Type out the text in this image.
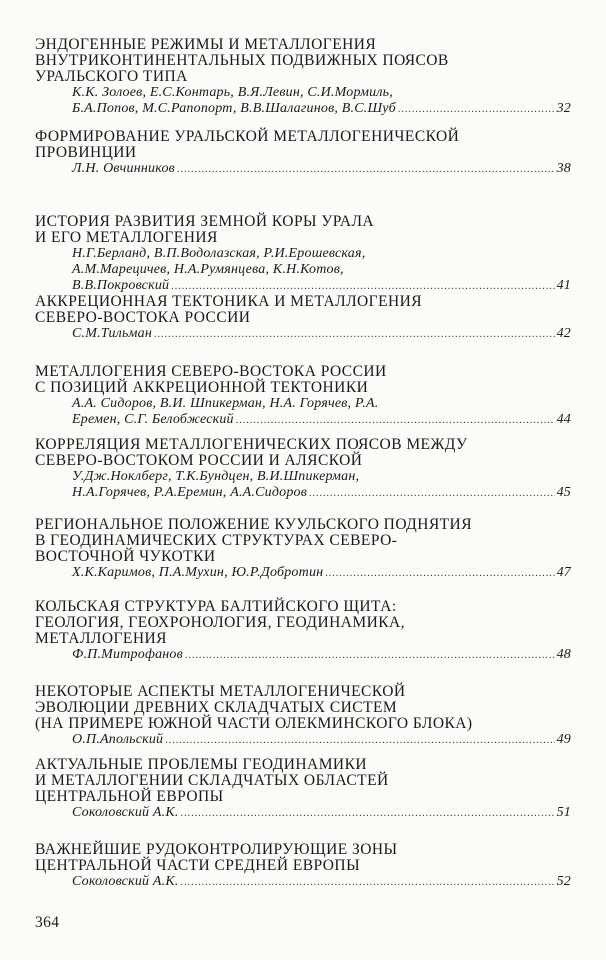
ЭНДОГЕННЫЕ РЕЖИМЫ И МЕТАЛЛОГЕНИЯ
ВНУТРИКОНТИНЕНТАЛЬНЫХ ПОДВИЖНЫХ ПОЯСОВ
УРАЛЬСКОГО ТИПА
К.К. Золоев, Е.С.Контарь, В.Я.Левин, С.И.Мормиль,
Б.А.Попов, М.С.Рапопорт, В.В.Шалагинов, В.С.Шуб .....	32
ФОРМИРОВАНИЕ УРАЛЬСКОЙ МЕТАЛЛОГЕНИЧЕСКОЙ
ПРОВИНЦИИ
Л.Н. Овчинников .....	38
ИСТОРИЯ РАЗВИТИЯ ЗЕМНОЙ КОРЫ УРАЛА
И ЕГО МЕТАЛЛОГЕНИЯ
Н.Г.Берланд, В.П.Водолазская, Р.И.Ерошевская,
А.М.Марецичев, Н.А.Румянцева, К.Н.Котов,
В.В.Покровский .....	41
АККРЕЦИОННАЯ ТЕКТОНИКА И МЕТАЛЛОГЕНИЯ
СЕВЕРО-ВОСТОКА РОССИИ
С.М.Тильман .....	42
МЕТАЛЛОГЕНИЯ СЕВЕРО-ВОСТОКА РОССИИ
С ПОЗИЦИЙ АККРЕЦИОННОЙ ТЕКТОНИКИ
А.А. Сидоров, В.И. Шпикерман, Н.А. Горячев, Р.А.
Еремен, С.Г. Белобжеский .....	44
КОРРЕЛЯЦИЯ МЕТАЛЛОГЕНИЧЕСКИХ ПОЯСОВ МЕЖДУ
СЕВЕРО-ВОСТОКОМ РОССИИ И АЛЯСКОЙ
У.Дж.Ноклберг, Т.К.Бундцен, В.И.Шпикерман,
Н.А.Горячев, Р.А.Еремин, А.А.Сидоров .....	45
РЕГИОНАЛЬНОЕ ПОЛОЖЕНИЕ КУУЛЬСКОГО ПОДНЯТИЯ
В ГЕОДИНАМИЧЕСКИХ СТРУКТУРАХ СЕВЕРО-
ВОСТОЧНОЙ ЧУКОТКИ
Х.К.Каримов, П.А.Мухин, Ю.Р.Добротин .....	47
КОЛЬСКАЯ СТРУКТУРА БАЛТИЙСКОГО ЩИТА:
ГЕОЛОГИЯ, ГЕОХРОНОЛОГИЯ, ГЕОДИНАМИКА,
МЕТАЛЛОГЕНИЯ
Ф.П.Митрофанов .....	48
НЕКОТОРЫЕ АСПЕКТЫ МЕТАЛЛОГЕНИЧЕСКОЙ
ЭВОЛЮЦИИ ДРЕВНИХ СКЛАДЧАТЫХ СИСТЕМ
(НА ПРИМЕРЕ ЮЖНОЙ ЧАСТИ ОЛЕКМИНСКОГО БЛОКА)
О.П.Апольский .....	49
АКТУАЛЬНЫЕ ПРОБЛЕМЫ ГЕОДИНАМИКИ
И МЕТАЛЛОГЕНИИ СКЛАДЧАТЫХ ОБЛАСТЕЙ
ЦЕНТРАЛЬНОЙ ЕВРОПЫ
Соколовский А.К. .....	51
ВАЖНЕЙШИЕ РУДОКОНТРОЛИРУЮЩИЕ ЗОНЫ
ЦЕНТРАЛЬНОЙ ЧАСТИ СРЕДНЕЙ ЕВРОПЫ
Соколовский А.К. .....	52
364
